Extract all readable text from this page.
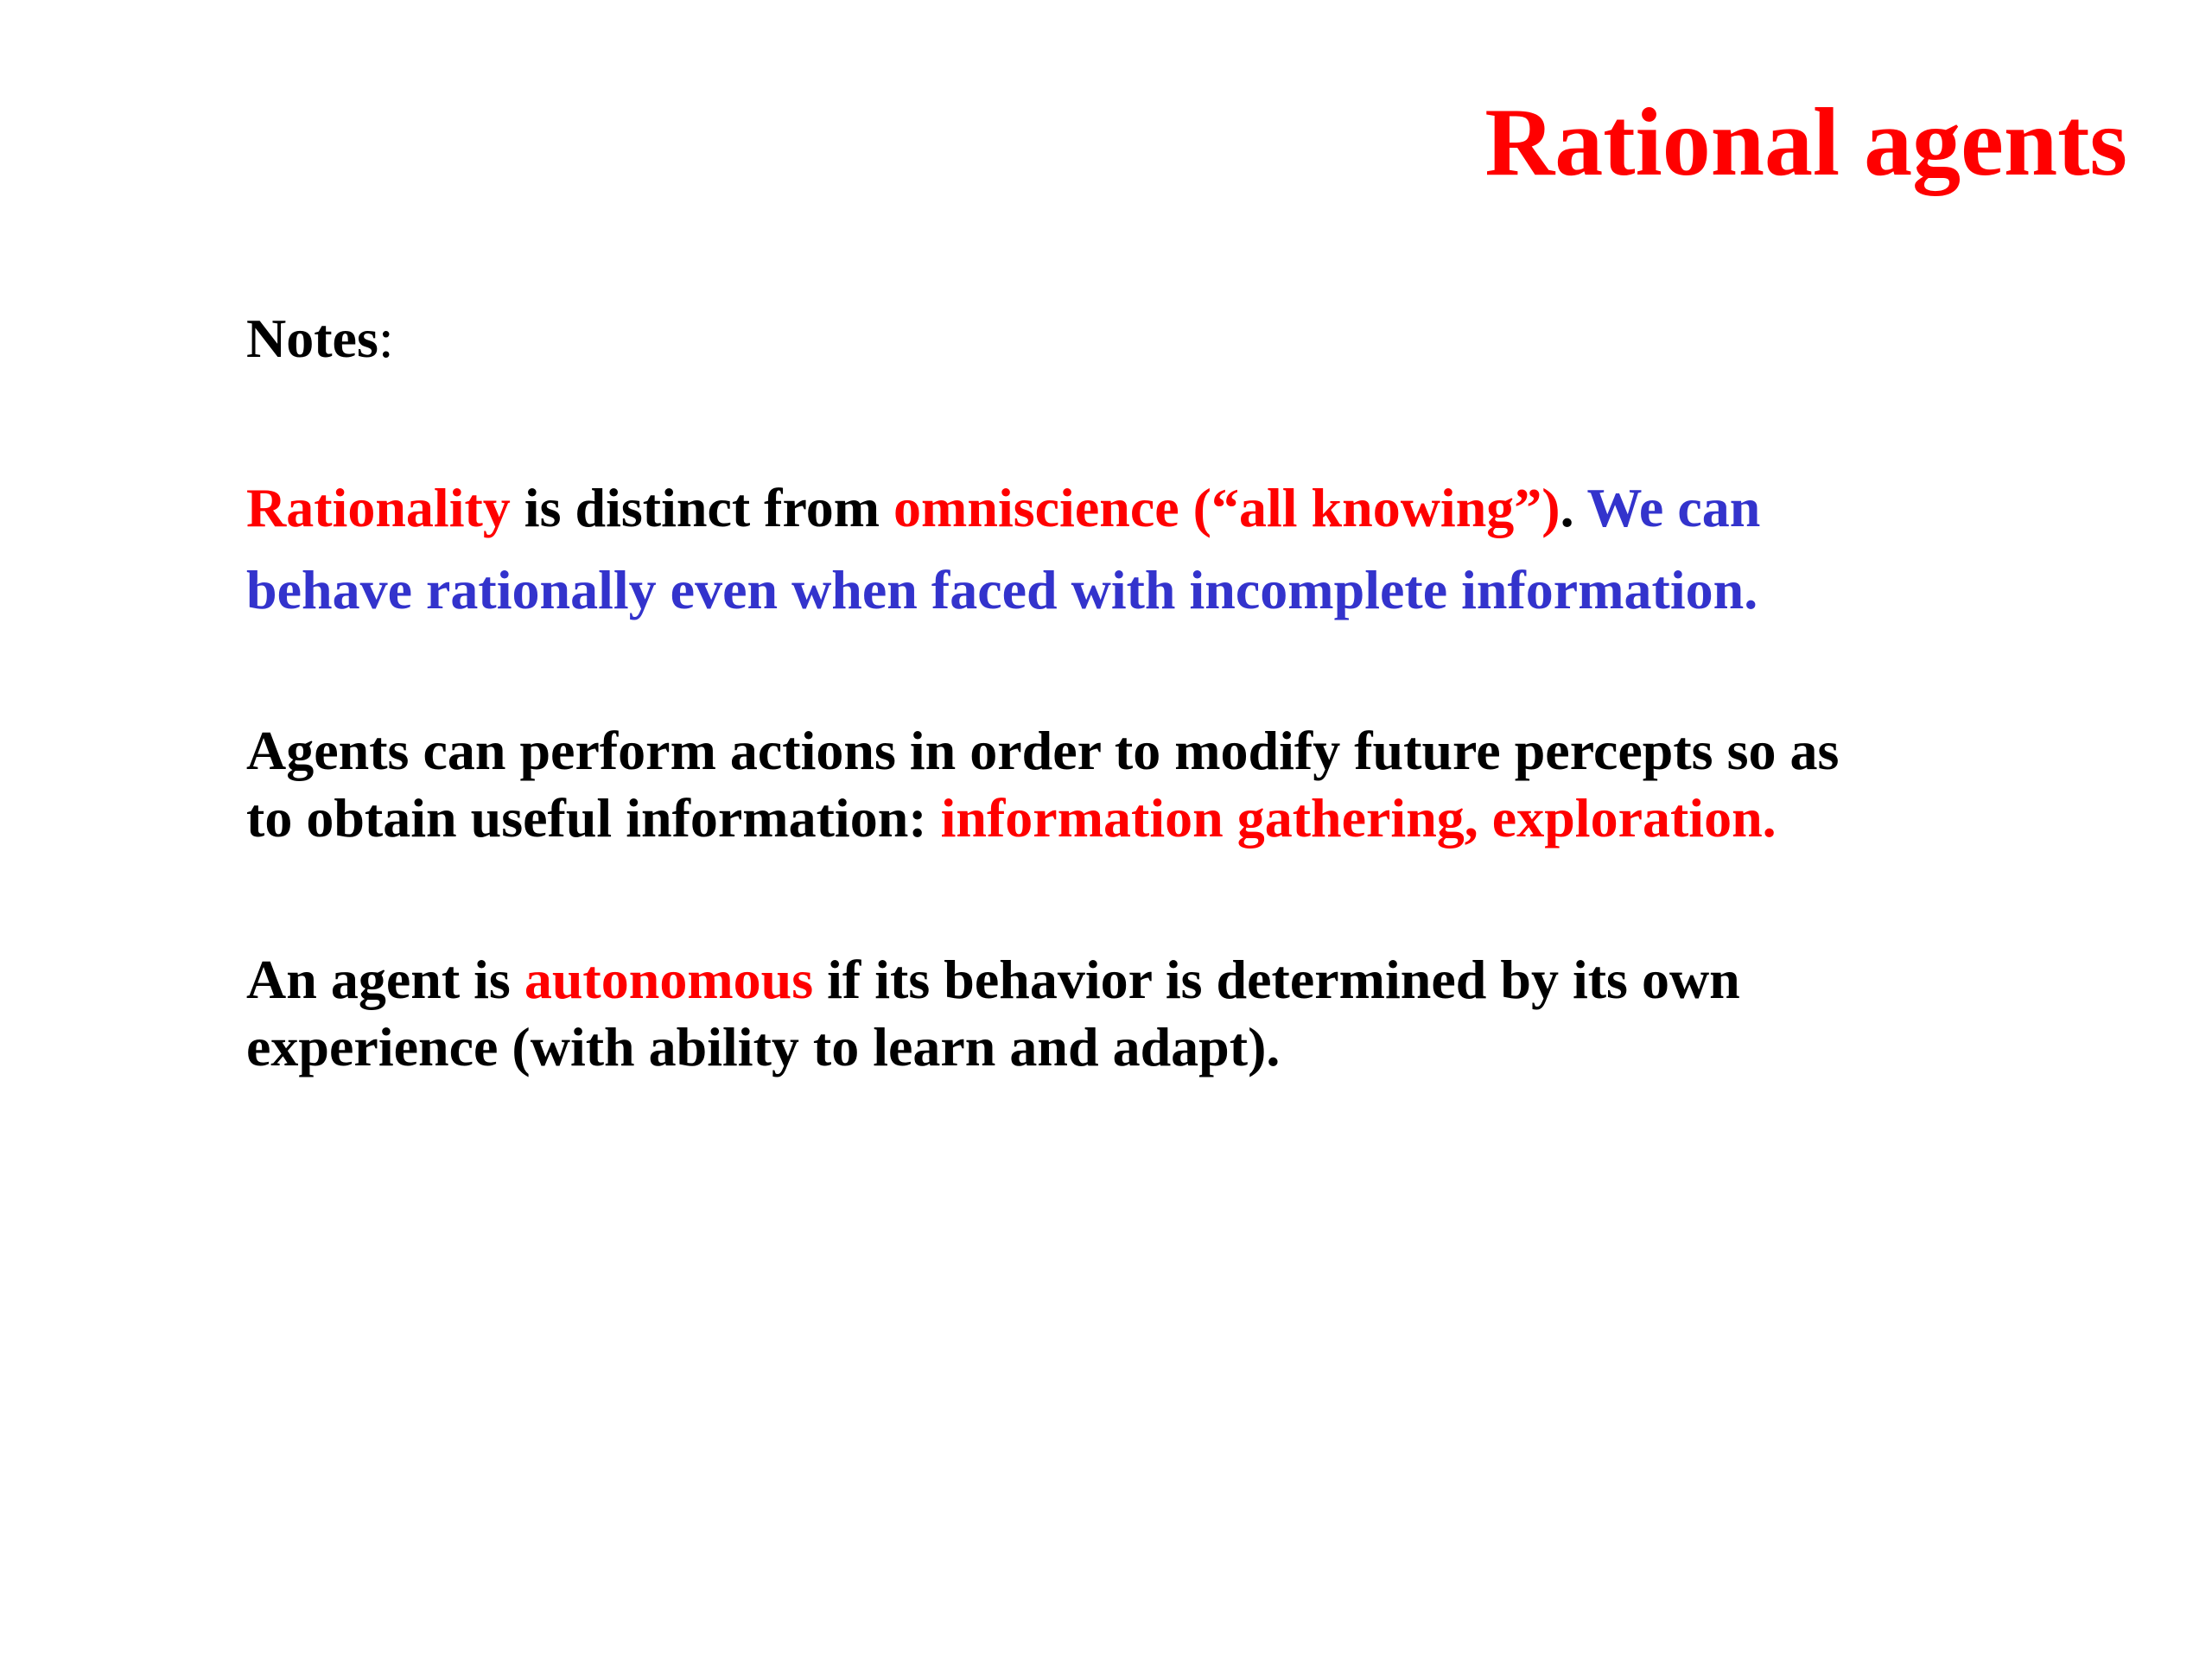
Rational agents

Notes:

Rationality is distinct from omniscience (“all knowing”). We can
behave rationally even when faced with incomplete information.

Agents can perform actions in order to modify future percepts so as
to obtain useful information: information gathering, exploration.

An agent is autonomous if its behavior is determined by its own
experience (with ability to learn and adapt).
